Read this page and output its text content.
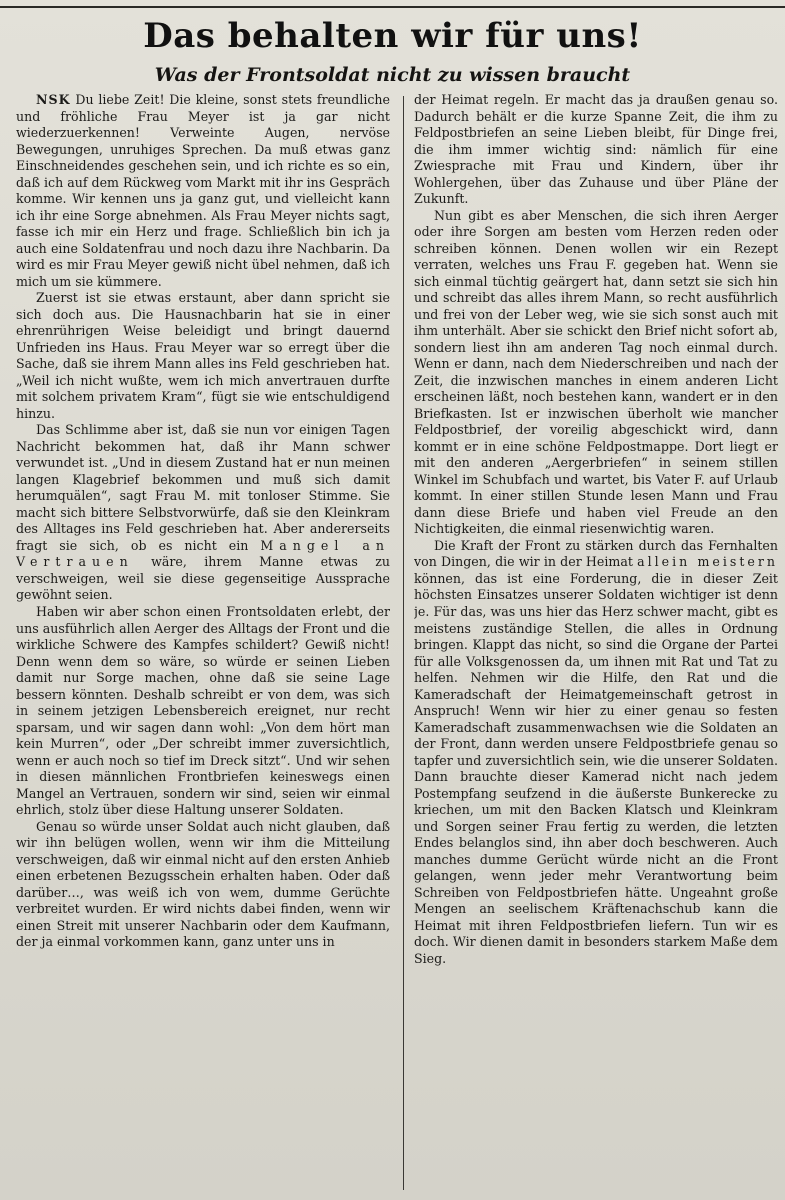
Das behalten wir für uns!
Was der Frontsoldat nicht zu wissen braucht

NSK Du liebe Zeit! Die kleine, sonst stets freundliche und fröhliche Frau Meyer ist ja gar nicht wiederzuerkennen! Verweinte Augen, nervöse Bewegungen, unruhiges Sprechen. Da muß etwas ganz Einschneidendes geschehen sein, und ich richte es so ein, daß ich auf dem Rückweg vom Markt mit ihr ins Gespräch komme. Wir kennen uns ja ganz gut, und vielleicht kann ich ihr eine Sorge abnehmen. Als Frau Meyer nichts sagt, fasse ich mir ein Herz und frage. Schließlich bin ich ja auch eine Soldatenfrau und noch dazu ihre Nachbarin. Da wird es mir Frau Meyer gewiß nicht übel nehmen, daß ich mich um sie kümmere.

Zuerst ist sie etwas erstaunt, aber dann spricht sie sich doch aus. Die Hausnachbarin hat sie in einer ehrenrührigen Weise beleidigt und bringt dauernd Unfrieden ins Haus. Frau Meyer war so erregt über die Sache, daß sie ihrem Mann alles ins Feld geschrieben hat. „Weil ich nicht wußte, wem ich mich anvertrauen durfte mit solchem privatem Kram“, fügt sie wie entschuldigend hinzu.

Das Schlimme aber ist, daß sie nun vor einigen Tagen Nachricht bekommen hat, daß ihr Mann schwer verwundet ist. „Und in diesem Zustand hat er nun meinen langen Klagebrief bekommen und muß sich damit herumquälen“, sagt Frau M. mit tonloser Stimme. Sie macht sich bittere Selbstvorwürfe, daß sie den Kleinkram des Alltages ins Feld geschrieben hat. Aber andererseits fragt sie sich, ob es nicht ein Mangel an Vertrauen wäre, ihrem Manne etwas zu verschweigen, weil sie diese gegenseitige Aussprache gewöhnt seien.

Haben wir aber schon einen Frontsoldaten erlebt, der uns ausführlich allen Aerger des Alltags der Front und die wirkliche Schwere des Kampfes schildert? Gewiß nicht! Denn wenn dem so wäre, so würde er seinen Lieben damit nur Sorge machen, ohne daß sie seine Lage bessern könnten. Deshalb schreibt er von dem, was sich in seinem jetzigen Lebensbereich ereignet, nur recht sparsam, und wir sagen dann wohl: „Von dem hört man kein Murren“, oder „Der schreibt immer zuversichtlich, wenn er auch noch so tief im Dreck sitzt“. Und wir sehen in diesen männlichen Frontbriefen keineswegs einen Mangel an Vertrauen, sondern wir sind, seien wir einmal ehrlich, stolz über diese Haltung unserer Soldaten.

Genau so würde unser Soldat auch nicht glauben, daß wir ihn belügen wollen, wenn wir ihm die Mitteilung verschweigen, daß wir einmal nicht auf den ersten Anhieb einen erbetenen Bezugsschein erhalten haben. Oder daß darüber…, was weiß ich von wem, dumme Gerüchte verbreitet wurden. Er wird nichts dabei finden, wenn wir einen Streit mit unserer Nachbarin oder dem Kaufmann, der ja einmal vorkommen kann, ganz unter uns in

der Heimat regeln. Er macht das ja draußen genau so. Dadurch behält er die kurze Spanne Zeit, die ihm zu Feldpostbriefen an seine Lieben bleibt, für Dinge frei, die ihm immer wichtig sind: nämlich für eine Zwiesprache mit Frau und Kindern, über ihr Wohlergehen, über das Zuhause und über Pläne der Zukunft.

Nun gibt es aber Menschen, die sich ihren Aerger oder ihre Sorgen am besten vom Herzen reden oder schreiben können. Denen wollen wir ein Rezept verraten, welches uns Frau F. gegeben hat. Wenn sie sich einmal tüchtig geärgert hat, dann setzt sie sich hin und schreibt das alles ihrem Mann, so recht ausführlich und frei von der Leber weg, wie sie sich sonst auch mit ihm unterhält. Aber sie schickt den Brief nicht sofort ab, sondern liest ihn am anderen Tag noch einmal durch. Wenn er dann, nach dem Niederschreiben und nach der Zeit, die inzwischen manches in einem anderen Licht erscheinen läßt, noch bestehen kann, wandert er in den Briefkasten. Ist er inzwischen überholt wie mancher Feldpostbrief, der voreilig abgeschickt wird, dann kommt er in eine schöne Feldpostmappe. Dort liegt er mit den anderen „Aergerbriefen“ in seinem stillen Winkel im Schubfach und wartet, bis Vater F. auf Urlaub kommt. In einer stillen Stunde lesen Mann und Frau dann diese Briefe und haben viel Freude an den Nichtigkeiten, die einmal riesenwichtig waren.

Die Kraft der Front zu stärken durch das Fernhalten von Dingen, die wir in der Heimat allein meistern können, das ist eine Forderung, die in dieser Zeit höchsten Einsatzes unserer Soldaten wichtiger ist denn je. Für das, was uns hier das Herz schwer macht, gibt es meistens zuständige Stellen, die alles in Ordnung bringen. Klappt das nicht, so sind die Organe der Partei für alle Volksgenossen da, um ihnen mit Rat und Tat zu helfen. Nehmen wir die Hilfe, den Rat und die Kameradschaft der Heimatgemeinschaft getrost in Anspruch! Wenn wir hier zu einer genau so festen Kameradschaft zusammenwachsen wie die Soldaten an der Front, dann werden unsere Feldpostbriefe genau so tapfer und zuversichtlich sein, wie die unserer Soldaten. Dann brauchte dieser Kamerad nicht nach jedem Postempfang seufzend in die äußerste Bunkerecke zu kriechen, um mit den Backen Klatsch und Kleinkram und Sorgen seiner Frau fertig zu werden, die letzten Endes belanglos sind, ihn aber doch beschweren. Auch manches dumme Gerücht würde nicht an die Front gelangen, wenn jeder mehr Verantwortung beim Schreiben von Feldpostbriefen hätte. Ungeahnt große Mengen an seelischem Kräftenachschub kann die Heimat mit ihren Feldpostbriefen liefern. Tun wir es doch. Wir dienen damit in besonders starkem Maße dem Sieg.
